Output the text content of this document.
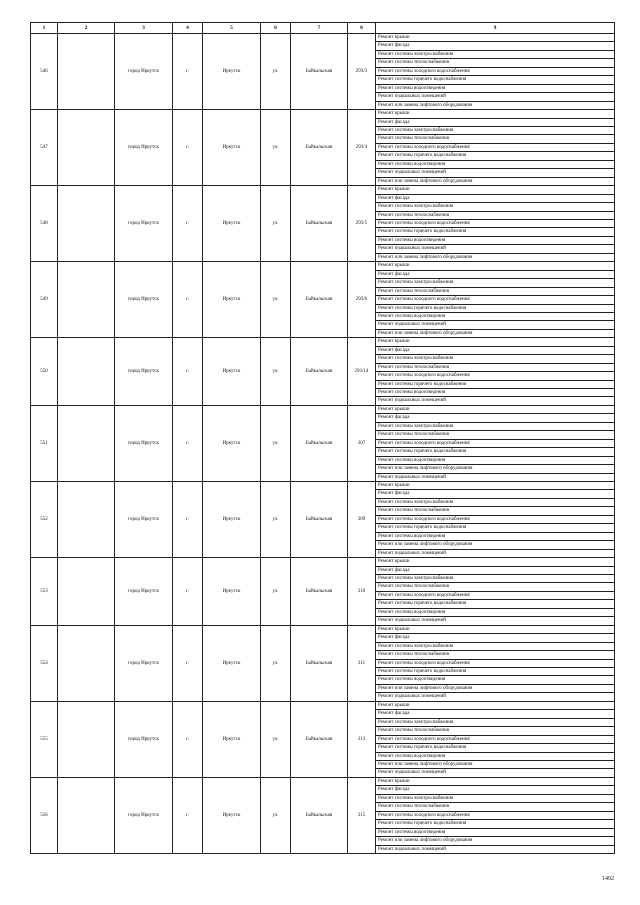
1	2	3	4	5	6	7	8	9
546		город Иркутск	г.	Иркутск	ул.	Байкальская	293/3	Ремонт крыши
								Ремонт фасада
								Ремонт системы электроснабжения
								Ремонт системы теплоснабжения
								Ремонт системы холодного водоснабжения
								Ремонт системы горячего водоснабжения
								Ремонт системы водоотведения
								Ремонт подвальных помещений
								Ремонт или замена лифтового оборудования
547		город Иркутск	г.	Иркутск	ул.	Байкальская	293/4	Ремонт крыши
								Ремонт фасада
								Ремонт системы электроснабжения
								Ремонт системы теплоснабжения
								Ремонт системы холодного водоснабжения
								Ремонт системы горячего водоснабжения
								Ремонт системы водоотведения
								Ремонт подвальных помещений
								Ремонт или замена лифтового оборудования
548		город Иркутск	г.	Иркутск	ул.	Байкальская	293/5	Ремонт крыши
								Ремонт фасада
								Ремонт системы электроснабжения
								Ремонт системы теплоснабжения
								Ремонт системы холодного водоснабжения
								Ремонт системы горячего водоснабжения
								Ремонт системы водоотведения
								Ремонт подвальных помещений
								Ремонт или замена лифтового оборудования
549		город Иркутск	г.	Иркутск	ул.	Байкальская	293/6	Ремонт крыши
								Ремонт фасада
								Ремонт системы электроснабжения
								Ремонт системы теплоснабжения
								Ремонт системы холодного водоснабжения
								Ремонт системы горячего водоснабжения
								Ремонт системы водоотведения
								Ремонт подвальных помещений
								Ремонт или замена лифтового оборудования
550		город Иркутск	г.	Иркутск	ул.	Байкальская	293/14	Ремонт крыши
								Ремонт фасада
								Ремонт системы электроснабжения
								Ремонт системы теплоснабжения
								Ремонт системы холодного водоснабжения
								Ремонт системы горячего водоснабжения
								Ремонт системы водоотведения
								Ремонт подвальных помещений
551		город Иркутск	г.	Иркутск	ул.	Байкальская	307	Ремонт крыши
								Ремонт фасада
								Ремонт системы электроснабжения
								Ремонт системы теплоснабжения
								Ремонт системы холодного водоснабжения
								Ремонт системы горячего водоснабжения
								Ремонт системы водоотведения
								Ремонт или замена лифтового оборудования
								Ремонт подвальных помещений
552		город Иркутск	г.	Иркутск	ул.	Байкальская	309	Ремонт крыши
								Ремонт фасада
								Ремонт системы электроснабжения
								Ремонт системы теплоснабжения
								Ремонт системы холодного водоснабжения
								Ремонт системы горячего водоснабжения
								Ремонт системы водоотведения
								Ремонт или замена лифтового оборудования
								Ремонт подвальных помещений
553		город Иркутск	г.	Иркутск	ул.	Байкальская	310	Ремонт крыши
								Ремонт фасада
								Ремонт системы электроснабжения
								Ремонт системы теплоснабжения
								Ремонт системы холодного водоснабжения
								Ремонт системы горячего водоснабжения
								Ремонт системы водоотведения
								Ремонт подвальных помещений
554		город Иркутск	г.	Иркутск	ул.	Байкальская	311	Ремонт крыши
								Ремонт фасада
								Ремонт системы электроснабжения
								Ремонт системы теплоснабжения
								Ремонт системы холодного водоснабжения
								Ремонт системы горячего водоснабжения
								Ремонт системы водоотведения
								Ремонт или замена лифтового оборудования
								Ремонт подвальных помещений
555		город Иркутск	г.	Иркутск	ул.	Байкальская	313	Ремонт крыши
								Ремонт фасада
								Ремонт системы электроснабжения
								Ремонт системы теплоснабжения
								Ремонт системы холодного водоснабжения
								Ремонт системы горячего водоснабжения
								Ремонт системы водоотведения
								Ремонт или замена лифтового оборудования
								Ремонт подвальных помещений
556		город Иркутск	г.	Иркутск	ул.	Байкальская	315	Ремонт крыши
								Ремонт фасада
								Ремонт системы электроснабжения
								Ремонт системы теплоснабжения
								Ремонт системы холодного водоснабжения
								Ремонт системы горячего водоснабжения
								Ремонт системы водоотведения
								Ремонт или замена лифтового оборудования
								Ремонт подвальных помещений
1492
